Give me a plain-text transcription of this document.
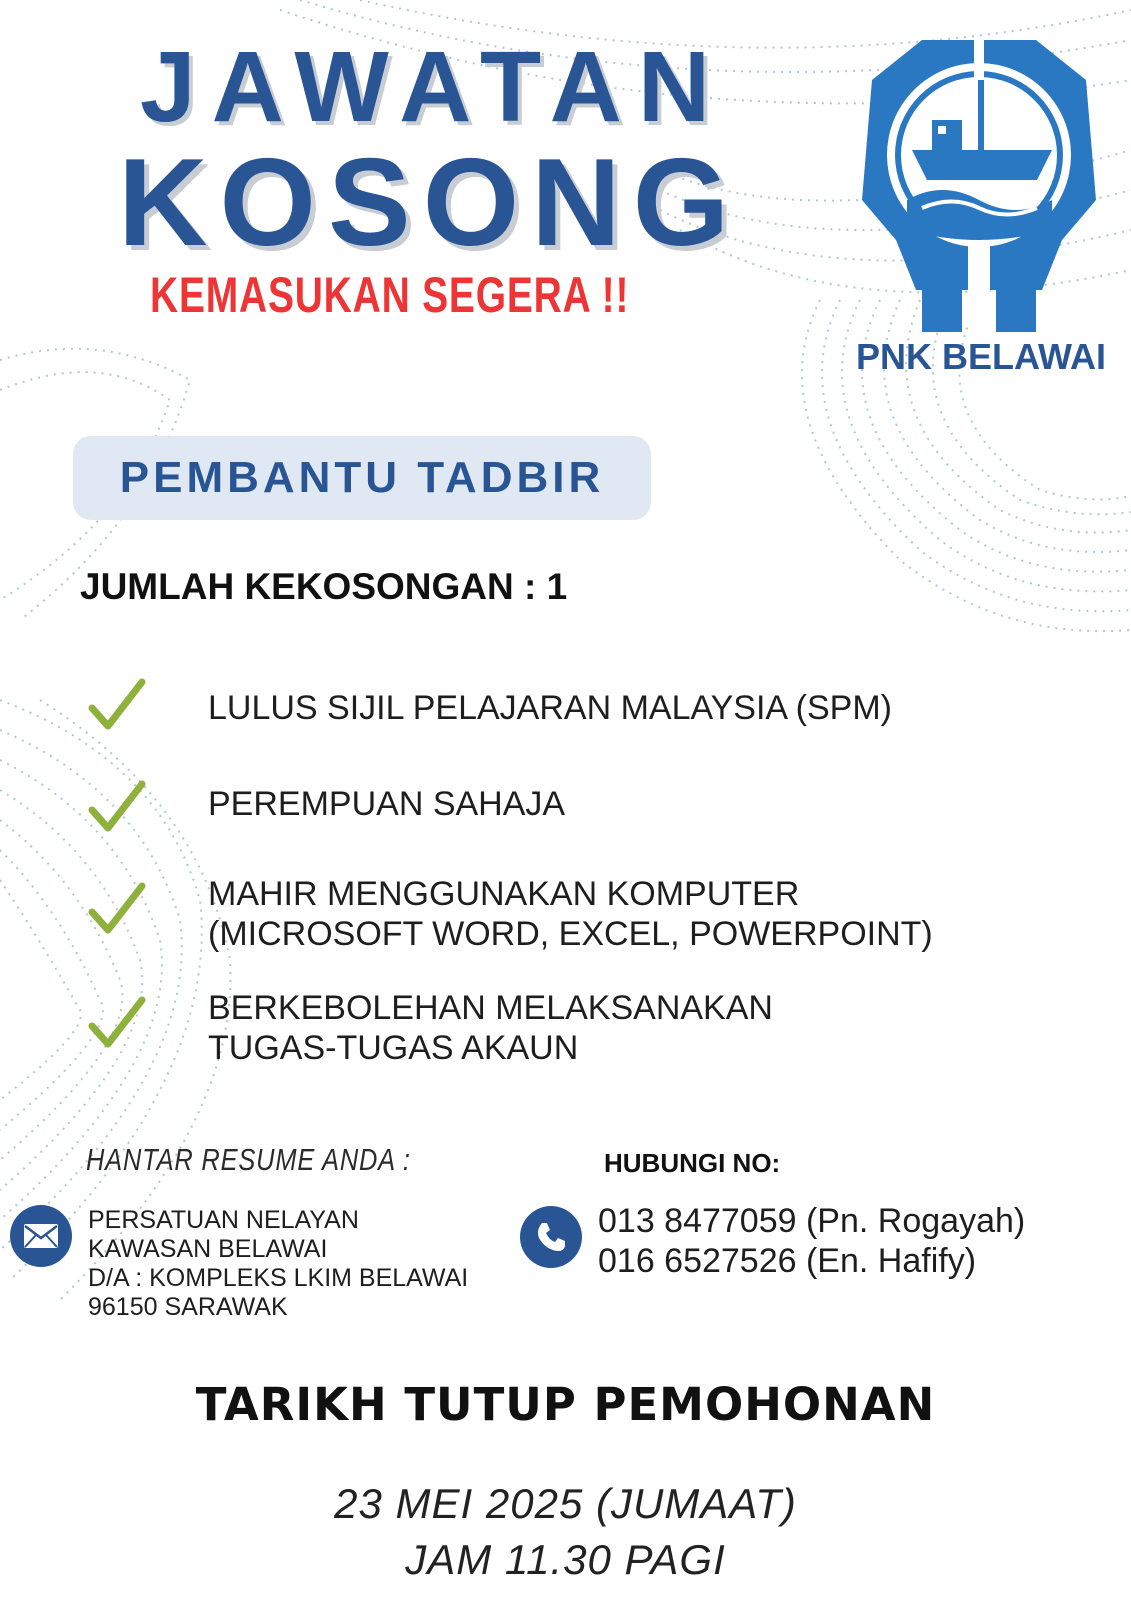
JAWATAN
KOSONG
KEMASUKAN SEGERA !!
PNK BELAWAI
PEMBANTU TADBIR
JUMLAH KEKOSONGAN : 1
LULUS SIJIL PELAJARAN MALAYSIA (SPM)
PEREMPUAN SAHAJA
MAHIR MENGGUNAKAN KOMPUTER
(MICROSOFT WORD, EXCEL, POWERPOINT)
BERKEBOLEHAN MELAKSANAKAN
TUGAS-TUGAS AKAUN
HANTAR RESUME ANDA :
PERSATUAN NELAYAN
KAWASAN BELAWAI
D/A : KOMPLEKS LKIM BELAWAI
96150 SARAWAK
HUBUNGI NO:
013 8477059 (Pn. Rogayah)
016 6527526 (En. Hafify)
TARIKH TUTUP PEMOHONAN
23 MEI 2025 (JUMAAT)
JAM 11.30 PAGI
